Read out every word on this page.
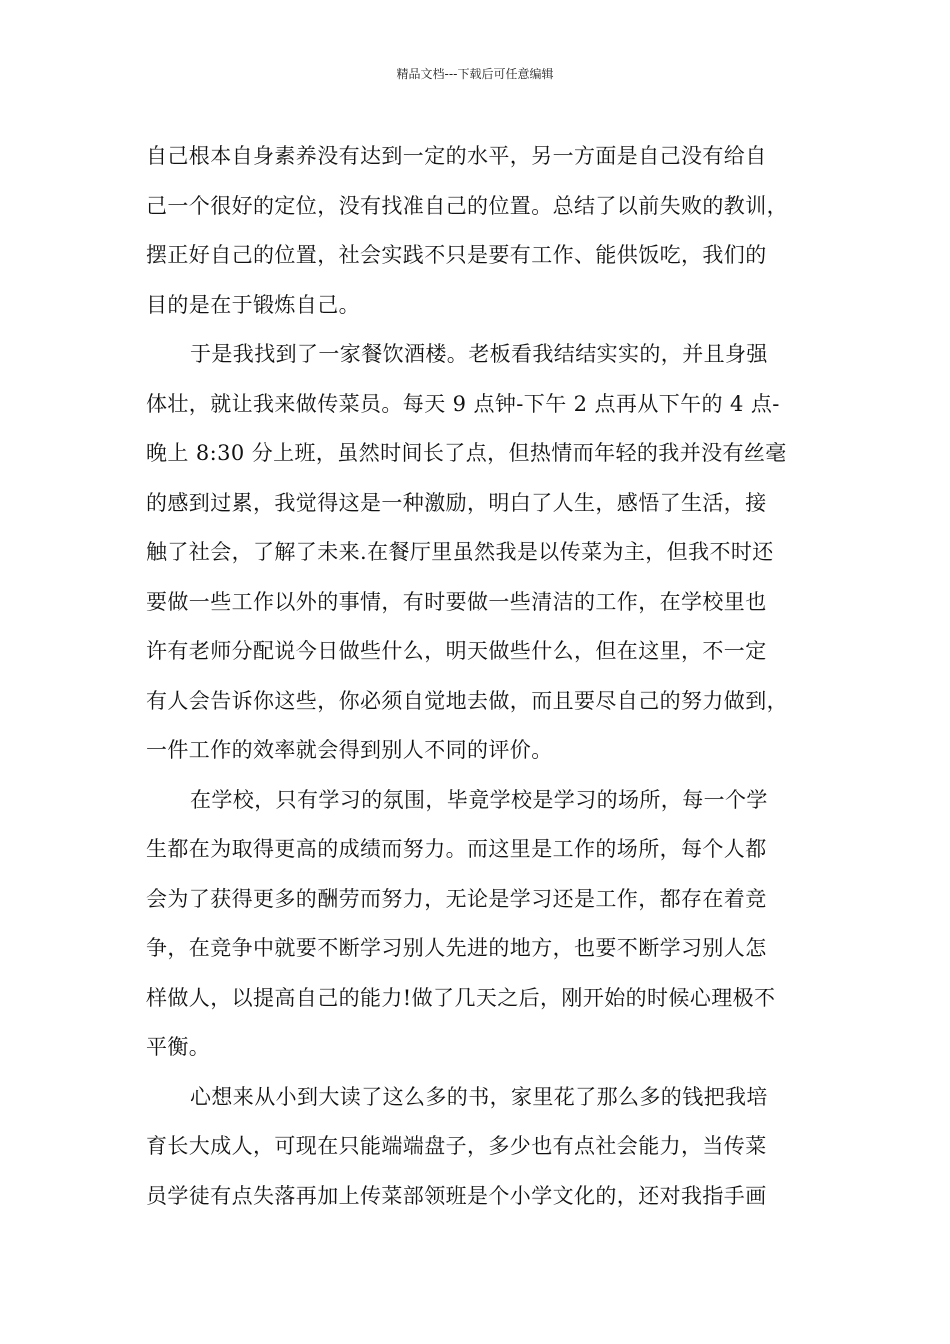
精品文档---下载后可任意编辑
自己根本自身素养没有达到一定的水平，另一方面是自己没有给自
己一个很好的定位，没有找准自己的位置。总结了以前失败的教训，
摆正好自己的位置，社会实践不只是要有工作、能供饭吃，我们的
目的是在于锻炼自己。
于是我找到了一家餐饮酒楼。老板看我结结实实的，并且身强
体壮，就让我来做传菜员。每天 9 点钟-下午 2 点再从下午的 4 点-
晚上 8:30 分上班，虽然时间长了点，但热情而年轻的我并没有丝毫
的感到过累，我觉得这是一种激励，明白了人生，感悟了生活，接
触了社会，了解了未来.在餐厅里虽然我是以传菜为主，但我不时还
要做一些工作以外的事情，有时要做一些清洁的工作，在学校里也
许有老师分配说今日做些什么，明天做些什么，但在这里，不一定
有人会告诉你这些，你必须自觉地去做，而且要尽自己的努力做到，
一件工作的效率就会得到别人不同的评价。
在学校，只有学习的氛围，毕竟学校是学习的场所，每一个学
生都在为取得更高的成绩而努力。而这里是工作的场所，每个人都
会为了获得更多的酬劳而努力，无论是学习还是工作，都存在着竞
争，在竞争中就要不断学习别人先进的地方，也要不断学习别人怎
样做人，以提高自己的能力!做了几天之后，刚开始的时候心理极不
平衡。
心想来从小到大读了这么多的书，家里花了那么多的钱把我培
育长大成人，可现在只能端端盘子，多少也有点社会能力，当传菜
员学徒有点失落再加上传菜部领班是个小学文化的，还对我指手画
